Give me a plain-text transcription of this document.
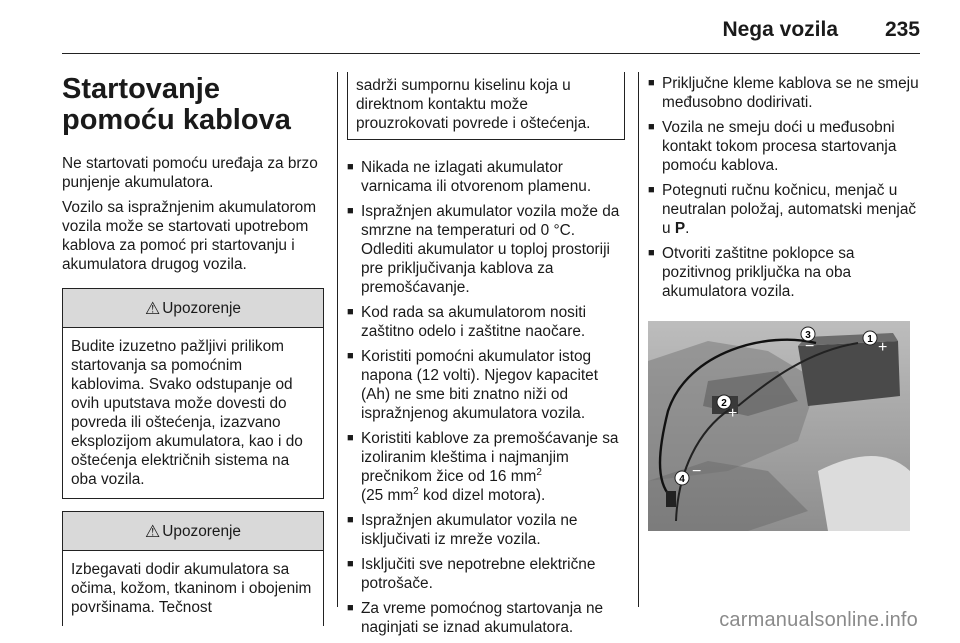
Nega vozila 235
Startovanje pomoću kablova

Ne startovati pomoću uređaja za brzo punjenje akumulatora.

Vozilo sa ispražnjenim akumulatorom vozila može se startovati upotrebom kablova za pomoć pri startovanju i akumulatora drugog vozila.

⚠ Upozorenje
Budite izuzetno pažljivi prilikom startovanja sa pomoćnim kablovima. Svako odstupanje od ovih uputstava može dovesti do povreda ili oštećenja, izazvano eksplozijom akumulatora, kao i do oštećenja električnih sistema na oba vozila.
⚠ Upozorenje
Izbegavati dodir akumulatora sa očima, kožom, tkaninom i obojenim površinama. Tečnost
sadrži sumpornu kiselinu koja u direktnom kontaktu može prouzrokovati povrede i oštećenja.
■ Nikada ne izlagati akumulator varnicama ili otvorenom plamenu.
■ Ispražnjen akumulator vozila može da smrzne na temperaturi od 0 °C. Odlediti akumulator u toploj prostoriji pre priključivanja kablova za premošćavanje.
■ Kod rada sa akumulatorom nositi zaštitno odelo i zaštitne naočare.
■ Koristiti pomoćni akumulator istog napona (12 volti). Njegov kapacitet (Ah) ne sme biti znatno niži od ispražnjenog akumulatora vozila.
■ Koristiti kablove za premošćavanje sa izoliranim kleštima i najmanjim prečnikom žice od 16 $mm^2$
(25 $mm^2$ kod dizel motora).
■ Ispražnjen akumulator vozila ne isključivati iz mreže vozila.
■ Isključiti sve nepotrebne električne potrošače.
■ Za vreme pomoćnog startovanja ne naginjati se iznad akumulatora.
■ Priključne kleme kablova se ne smeju međusobno dodirivati.
■ Vozila ne smeju doći u međusobni kontakt tokom procesa startovanja pomoću kablova.
■ Potegnuti ručnu kočnicu, menjač u neutralan položaj, automatski menjač u P.
■ Otvoriti zaštitne poklopce sa pozitivnog priključka na oba akumulatora vozila.
1 +
3
−
2
+
4 −
carmanualsonline.info
